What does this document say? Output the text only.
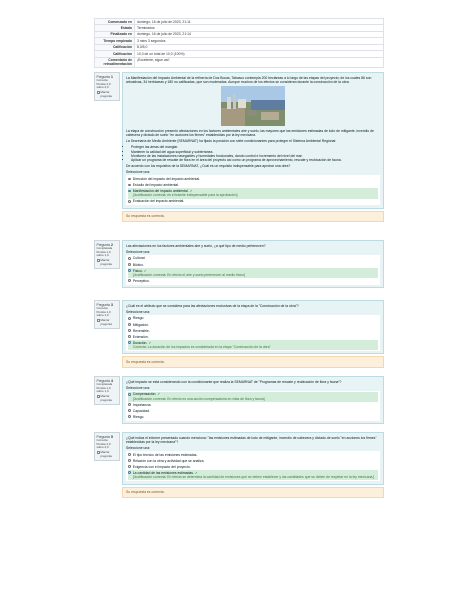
Comenzado en	domingo, 16 de julio de 2023, 21:11
Estado	Terminados
Finalizado en	domingo, 16 de julio de 2023, 21:14
Tiempo empleado	3 mins 3 segundos
Calificación	8,0/5,0
Calificación	10,0 de un total de 10,0 (100%)
Comentario de retroalimentación
¡Excelente, sigue así!
Pregunta 1
Correcta
Puntúa 2,0 sobre 2,0
Marcar pregunta
La Manifestación del Impacto Ambiental de la refinería de Dos Bocas, Tabasco contempla 200 hectáreas a lo largo de las etapas del proyecto; de los cuales 86 son arbustivas, 34 herbáceas y 180 no calificadas, que son moderadas. Aunque muchos de los efectos se consideran durante la construcción de la obra.
La etapa de construcción presentó afectaciones en los factores ambientales aire y suelo, las mayores que las emisiones estimadas de lodo de mitigante, incendio de cabecera y dictado de suelo "en acciones los firmes" establecidas por la ley mexicana.
La Secretaría de Medio Ambiente (SEMARNAT) ha fijado la posición con siete condicionantes para proteger el Sistema Ambiental Regional:
• Proteger las áreas del manglar.
• Mantener la calidad del agua superficial y subterránea.
• Monitoreo de las instalaciones navegables y humedales funcionales, dando control e incremento del nivel del mar.
• Aplicar un programa de rescate de flora en el área del proyecto así como un programa de aprovechamiento, rescate y reubicación de fauna.
De acuerdo con los requisitos de la SEMARNAT, ¿Cuál es un requisito indispensable para aprobar una obra?
Seleccione una:
Dirección del impacto del impacto ambiental.
Estudio del impacto ambiental.
Manifestación del impacto ambiental.✓
[Justificación correcta: es el trámite indispensable para la aprobación]
Evaluación del impacto ambiental.
Su respuesta es correcta.
Pregunta 2
Completada
Puntúa 1,0 sobre 1,0
Marcar pregunta
Las afectaciones en los factores ambientales aire y suelo, ¿a qué tipo de medio pertenecen?
Seleccione una:
Cultural.
Biótico.
Físico.✓
[Justificación correcta: En efecto el aire y suelo pertenecen al medio físico]
Perceptivo.
Pregunta 3
Correcta
Puntúa 1,0 sobre 1,0
Marcar pregunta
¿Cuál es el atributo que se considera para las afectaciones exclusivas de la etapa de la "Construcción de la obra"?
Seleccione una:
Riesgo.
Mitigación.
Reversible.
Extensión.
Duración.✓
Correcta: La duración de los impactos es considerada en la etapa "Construcción de la obra"
Su respuesta es correcta.
Pregunta 4
Completada
Puntúa 1,0 sobre 1,0
Marcar pregunta
¿Qué impacto se está considerando con la condicionante que realiza la SEMARNAT de "Programas de rescate y reubicación de flora y fauna"?
Seleccione una:
Compensación.✓
[Justificación correcta: En efecto es una acción compensatoria en vista de flora y fauna]
Importancia.
Capacidad.
Riesgo.
Pregunta 5
Correcta
Puntúa 2,0 sobre 2,0
Marcar pregunta
¿Qué indica el informe presentado cuando menciona: "las emisiones estimadas de lodo de mitigante, incendio de cabecera y dictado de suelo "en acciones los firmes" establecidas por la ley mexicana"?
Seleccione una:
El tipo técnico de las emisiones estimadas.
Relación con la obra y actividad que se analiza.
Exigencia con el impacto del proyecto.
La cantidad de las emisiones estimadas.✓
[Justificación correcta: En efecto se determina la cantidad de emisiones que se deben establecer y las cantidades que se deben de respetar en la ley mexicana.]
Su respuesta es correcta.
